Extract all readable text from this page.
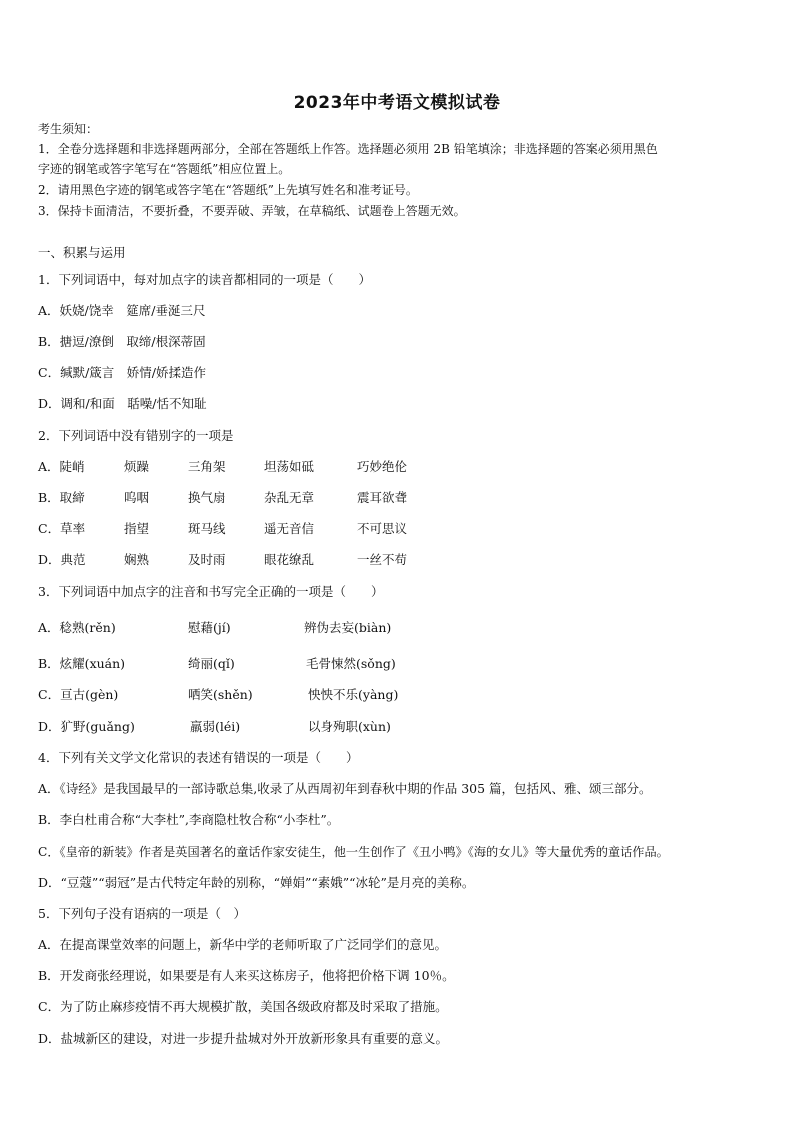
2023年中考语文模拟试卷
考生须知：
1．全卷分选择题和非选择题两部分，全部在答题纸上作答。选择题必须用 2B 铅笔填涂；非选择题的答案必须用黑色
字迹的钢笔或答字笔写在“答题纸”相应位置上。
2．请用黑色字迹的钢笔或答字笔在“答题纸”上先填写姓名和准考证号。
3．保持卡面清洁，不要折叠，不要弄破、弄皱，在草稿纸、试题卷上答题无效。
一、积累与运用
1．下列词语中，每对加点字的读音都相同的一项是（　　）
A．妖娆/饶幸　筵席/垂涎三尺
B．搪逗/潦倒　取缔/根深蒂固
C．缄默/箴言　娇情/娇揉造作
D．调和/和面　聒噪/恬不知耻
2．下列词语中没有错别字的一项是
A．陡峭	烦躁	三角架	坦荡如砥	巧妙绝伦
B．取締	呜咽	换气扇	杂乱无章	震耳欲聋
C．草率	指望	斑马线	遥无音信	不可思议
D．典范	娴熟	及时雨	眼花缭乱	一丝不苟
3．下列词语中加点字的注音和书写完全正确的一项是（　　）
A．稔熟(rěn)	慰藉(jí)	辨伪去妄(biàn)
B．炫耀(xuán)	绮丽(qǐ)	毛骨悚然(sǒng)
C．亘古(gèn)	哂笑(shěn)	怏怏不乐(yàng)
D．犷野(guǎng)	羸弱(léi)	以身殉职(xùn)
4．下列有关文学文化常识的表述有错误的一项是（　　）
A．《诗经》是我国最早的一部诗歌总集,收录了从西周初年到春秋中期的作品 305 篇，包括风、雅、颂三部分。
B．李白杜甫合称“大李杜”,李商隐杜牧合称“小李杜”。
C．《皇帝的新装》作者是英国著名的童话作家安徒生，他一生创作了《丑小鸭》《海的女儿》等大量优秀的童话作品。
D．“豆蔻”“弱冠”是古代特定年龄的别称，“婵娟”“素娥”“冰轮”是月亮的美称。
5．下列句子没有语病的一项是（　）
A．在提高课堂效率的问题上，新华中学的老师听取了广泛同学们的意见。
B．开发商张经理说，如果要是有人来买这栋房子，他将把价格下调 10％。
C．为了防止麻疹疫情不再大规模扩散，美国各级政府都及时采取了措施。
D．盐城新区的建设，对进一步提升盐城对外开放新形象具有重要的意义。
